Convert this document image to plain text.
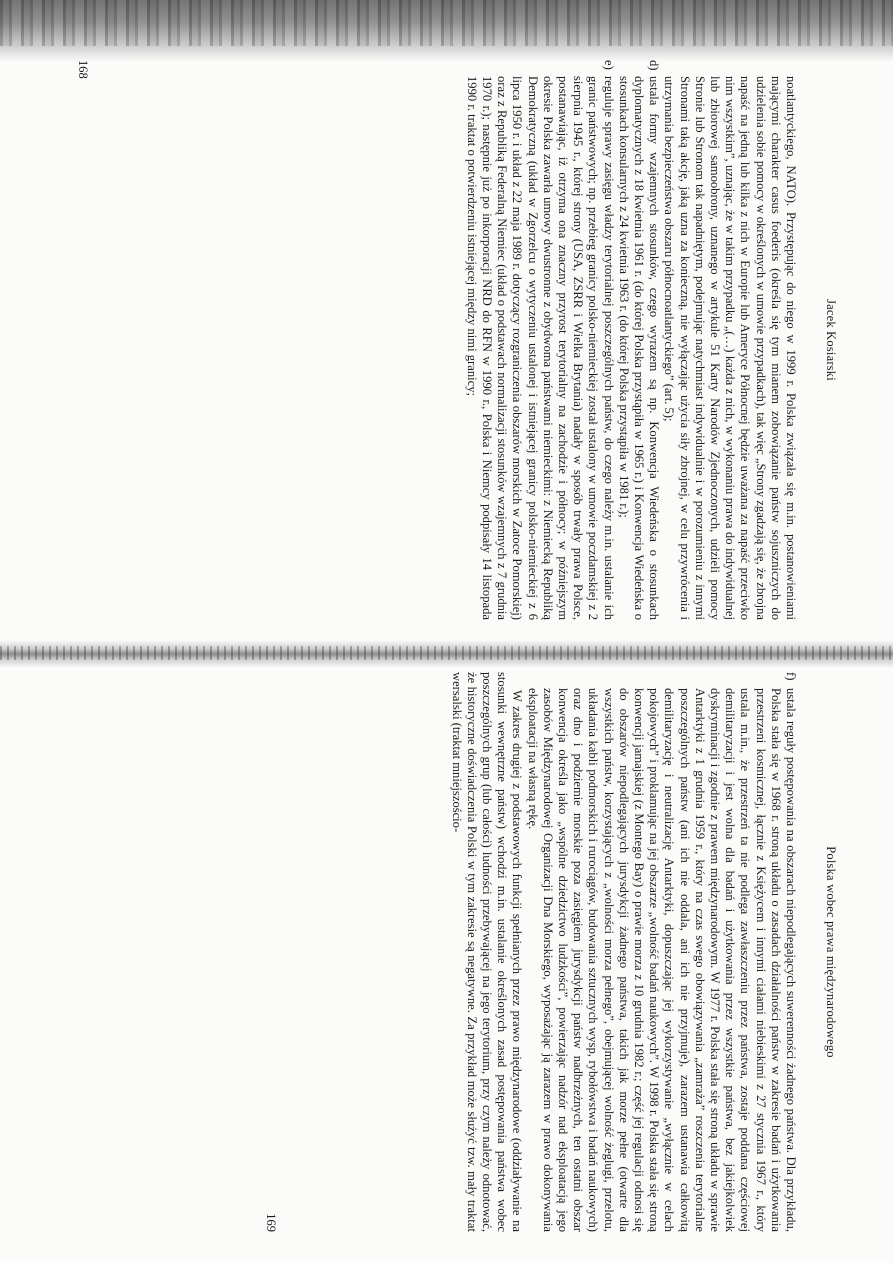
Jacek Kosiarski

noatlantyckiego, NATO). Przystępując do niego w 1999 r. Polska związała się m.in. postanowieniami mającymi charakter casus foederis (określa się tym mianem zobowiązanie państw sojuszniczych do udzielenia sobie pomocy w określonych w umowie przypadkach), tak więc „Strony zgadzają się, że zbrojna napaść na jedną lub kilka z nich w Europie lub Ameryce Północnej będzie uważana za napaść przeciwko nim wszystkim”, uznając, że w takim przypadku „(…) każda z nich, w wykonaniu prawa do indywidualnej lub zbiorowej samoobrony, uznanego w artykule 51 Karty Narodów Zjednoczonych, udzieli pomocy Stronie lub Stronom tak napadniętym, podejmując natychmiast indywidualnie i w porozumieniu z innymi Stronami taką akcję, jaką uzna za konieczną, nie wyłączając użycia siły zbrojnej, w celu przywrócenia i utrzymania bezpieczeństwa obszaru północnoatlantyckiego” (art. 5);

d)
ustala formy wzajemnych stosunków, czego wyrazem są np. Konwencja Wiedeńska o stosunkach dyplomatycznych z 18 kwietnia 1961 r. (do której Polska przystąpiła w 1965 r.) i Konwencja Wiedeńska o stosunkach konsularnych z 24 kwietnia 1963 r. (do której Polska przystąpiła w 1981 r.);
e)
reguluje sprawy zasięgu władzy terytorialnej poszczególnych państw, do czego należy m.in. ustalanie ich granic państwowych; np. przebieg granicy polsko-niemieckiej został ustalony w umowie poczdamskiej z 2 sierpnia 1945 r., której strony (USA, ZSRR i Wielka Brytania) nadały w sposób trwały prawa Polsce, postanawiając, iż otrzyma ona znaczny przyrost terytorialny na zachodzie i północy; w późniejszym okresie Polska zawarła umowy dwustronne z obydwoma państwami niemieckimi: z Niemiecką Republiką Demokratyczną (układ w Zgorzelcu o wytyczeniu ustalonej i istniejącej granicy polsko-niemieckiej z 6 lipca 1950 r. i układ z 22 maja 1989 r. dotyczący rozgraniczenia obszarów morskich w Zatoce Pomorskiej) oraz z Republiką Federalną Niemiec (układ o podstawach normalizacji stosunków wzajemnych z 7 grudnia 1970 r.); następnie już po inkorporacji NRD do RFN w 1990 r., Polska i Niemcy podpisały 14 listopada 1990 r. traktat o potwierdzeniu istniejącej między nimi granicy;
168
Polska wobec prawa międzynarodowego
f)
ustala reguły postępowania na obszarach niepodlegających suwerenności żadnego państwa. Dla przykładu, Polska stała się w 1968 r. stroną układu o zasadach działalności państw w zakresie badań i użytkowania przestrzeni kosmicznej, łącznie z Księżycem i innymi ciałami niebieskimi z 27 stycznia 1967 r., który ustala m.in., że przestrzeń ta nie podlega zawłaszczeniu przez państwa, zostaje poddana częściowej demilitaryzacji i jest wolna dla badań i użytkowania przez wszystkie państwa, bez jakiejkolwiek dyskryminacji i zgodnie z prawem międzynarodowym. W 1977 r. Polska stała się stroną układu w sprawie Antarktyki z 1 grudnia 1959 r., który na czas swego obowiązywania „zamraża” roszczenia terytorialne poszczególnych państw (ani ich nie oddala, ani ich nie przyjmuje), zarazem ustanawia całkowitą demilitaryzację i neutralizację Antarktyki, dopuszczając jej wykorzystywanie „wyłącznie w celach pokojowych” i proklamując na jej obszarze „wolność badań naukowych”. W 1998 r. Polska stała się stroną konwencji jamajskiej (z Montego Bay) o prawie morza z 10 grudnia 1982 r.; część jej regulacji odnosi się do obszarów niepodlegających jurysdykcji żadnego państwa, takich jak morze pełne (otwarte dla wszystkich państw, korzystających z „wolności morza pełnego”, obejmującej wolność żeglugi, przelotu, układania kabli podmorskich i rurociągów, budowania sztucznych wysp, rybołówstwa i badań naukowych) oraz dno i podziemie morskie poza zasięgiem jurysdykcji państw nadbrzeżnych, ten ostatni obszar konwencja określa jako „wspólne dziedzictwo ludzkości”, powierzając nadzór nad eksploatacją jego zasobów Międzynarodowej Organizacji Dna Morskiego, wyposażając ją zarazem w prawo dokonywania eksploatacji na własną rękę.

W zakres drugiej z podstawowych funkcji spełnianych przez prawo międzynarodowe (oddziaływanie na stosunki wewnętrzne państw) wchodzi m.in. ustalanie określonych zasad postępowania państwa wobec poszczególnych grup (lub całości) ludności przebywającej na jego terytorium, przy czym należy odnotować, że historyczne doświadczenia Polski w tym zakresie są negatywne. Za przykład może służyć tzw. mały traktat wersalski (traktat mniejszościo-

169
